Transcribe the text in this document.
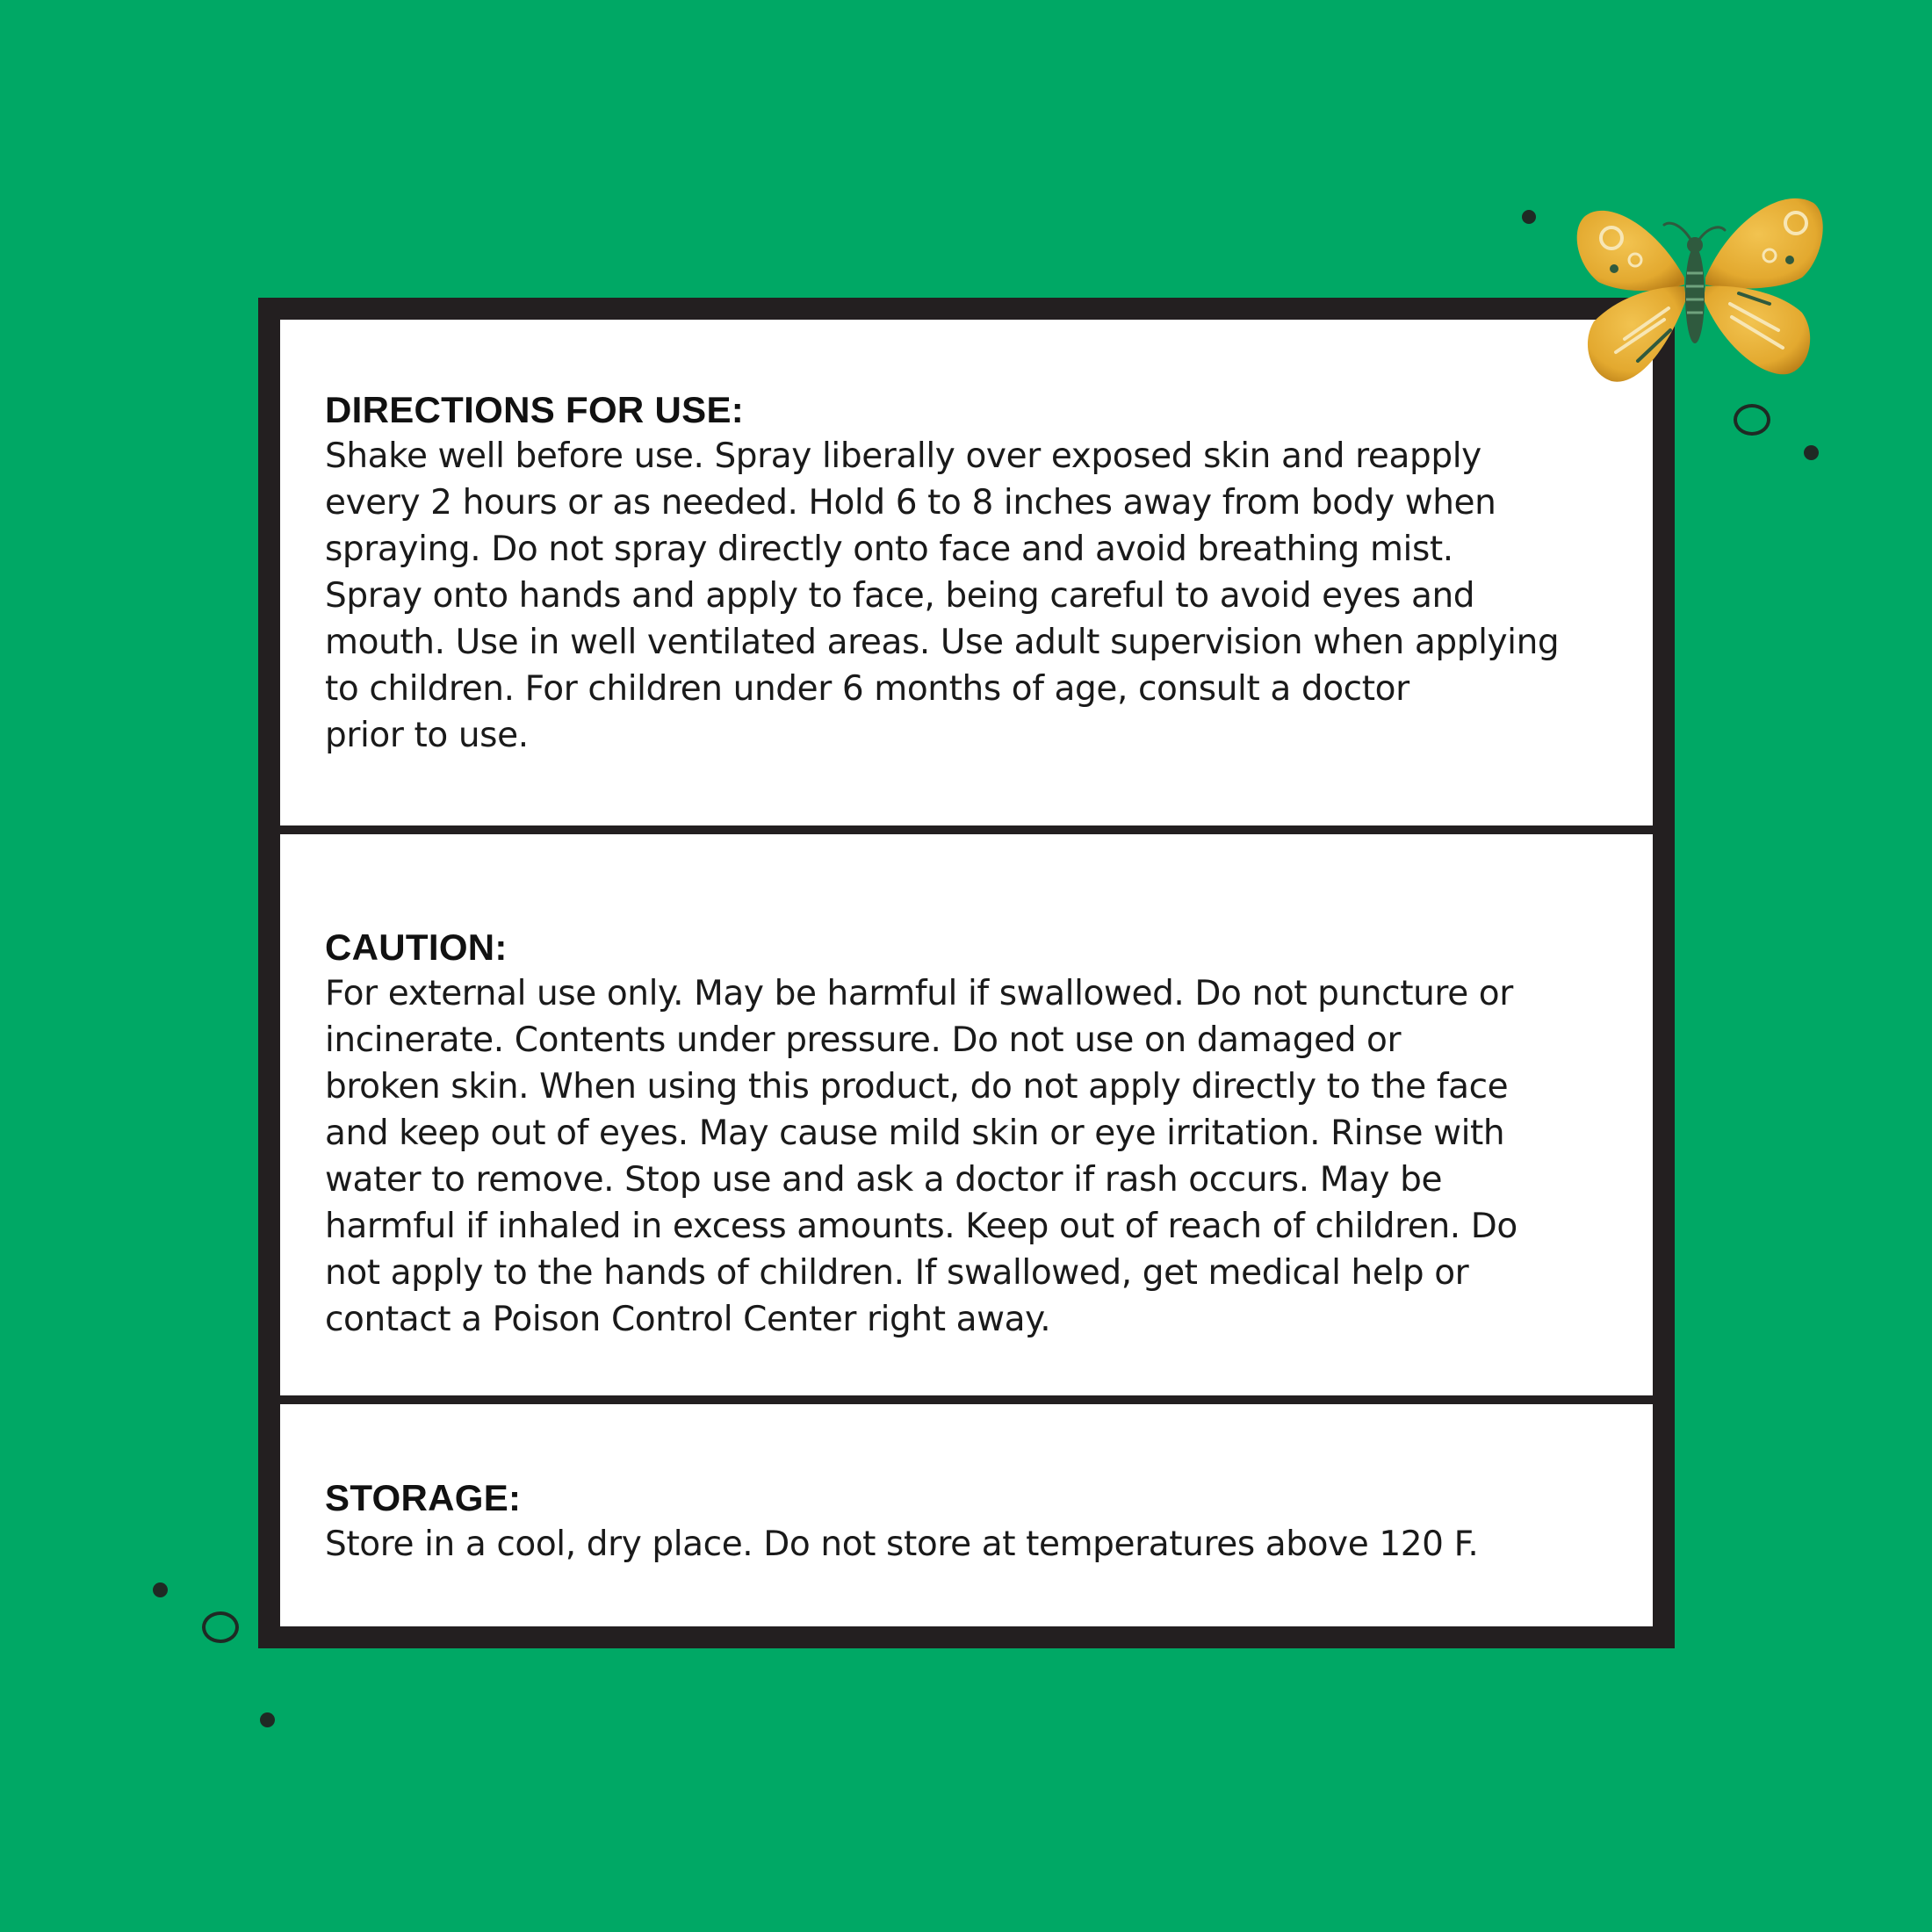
DIRECTIONS FOR USE:

Shake well before use. Spray liberally over exposed skin and reapply
every 2 hours or as needed. Hold 6 to 8 inches away from body when
spraying. Do not spray directly onto face and avoid breathing mist.
Spray onto hands and apply to face, being careful to avoid eyes and
mouth. Use in well ventilated areas. Use adult supervision when applying
to children. For children under 6 months of age, consult a doctor
prior to use.

CAUTION:

For external use only. May be harmful if swallowed. Do not puncture or
incinerate. Contents under pressure. Do not use on damaged or
broken skin. When using this product, do not apply directly to the face
and keep out of eyes. May cause mild skin or eye irritation. Rinse with
water to remove. Stop use and ask a doctor if rash occurs. May be
harmful if inhaled in excess amounts. Keep out of reach of children. Do
not apply to the hands of children. If swallowed, get medical help or
contact a Poison Control Center right away.

STORAGE:

Store in a cool, dry place. Do not store at temperatures above 120 F.
